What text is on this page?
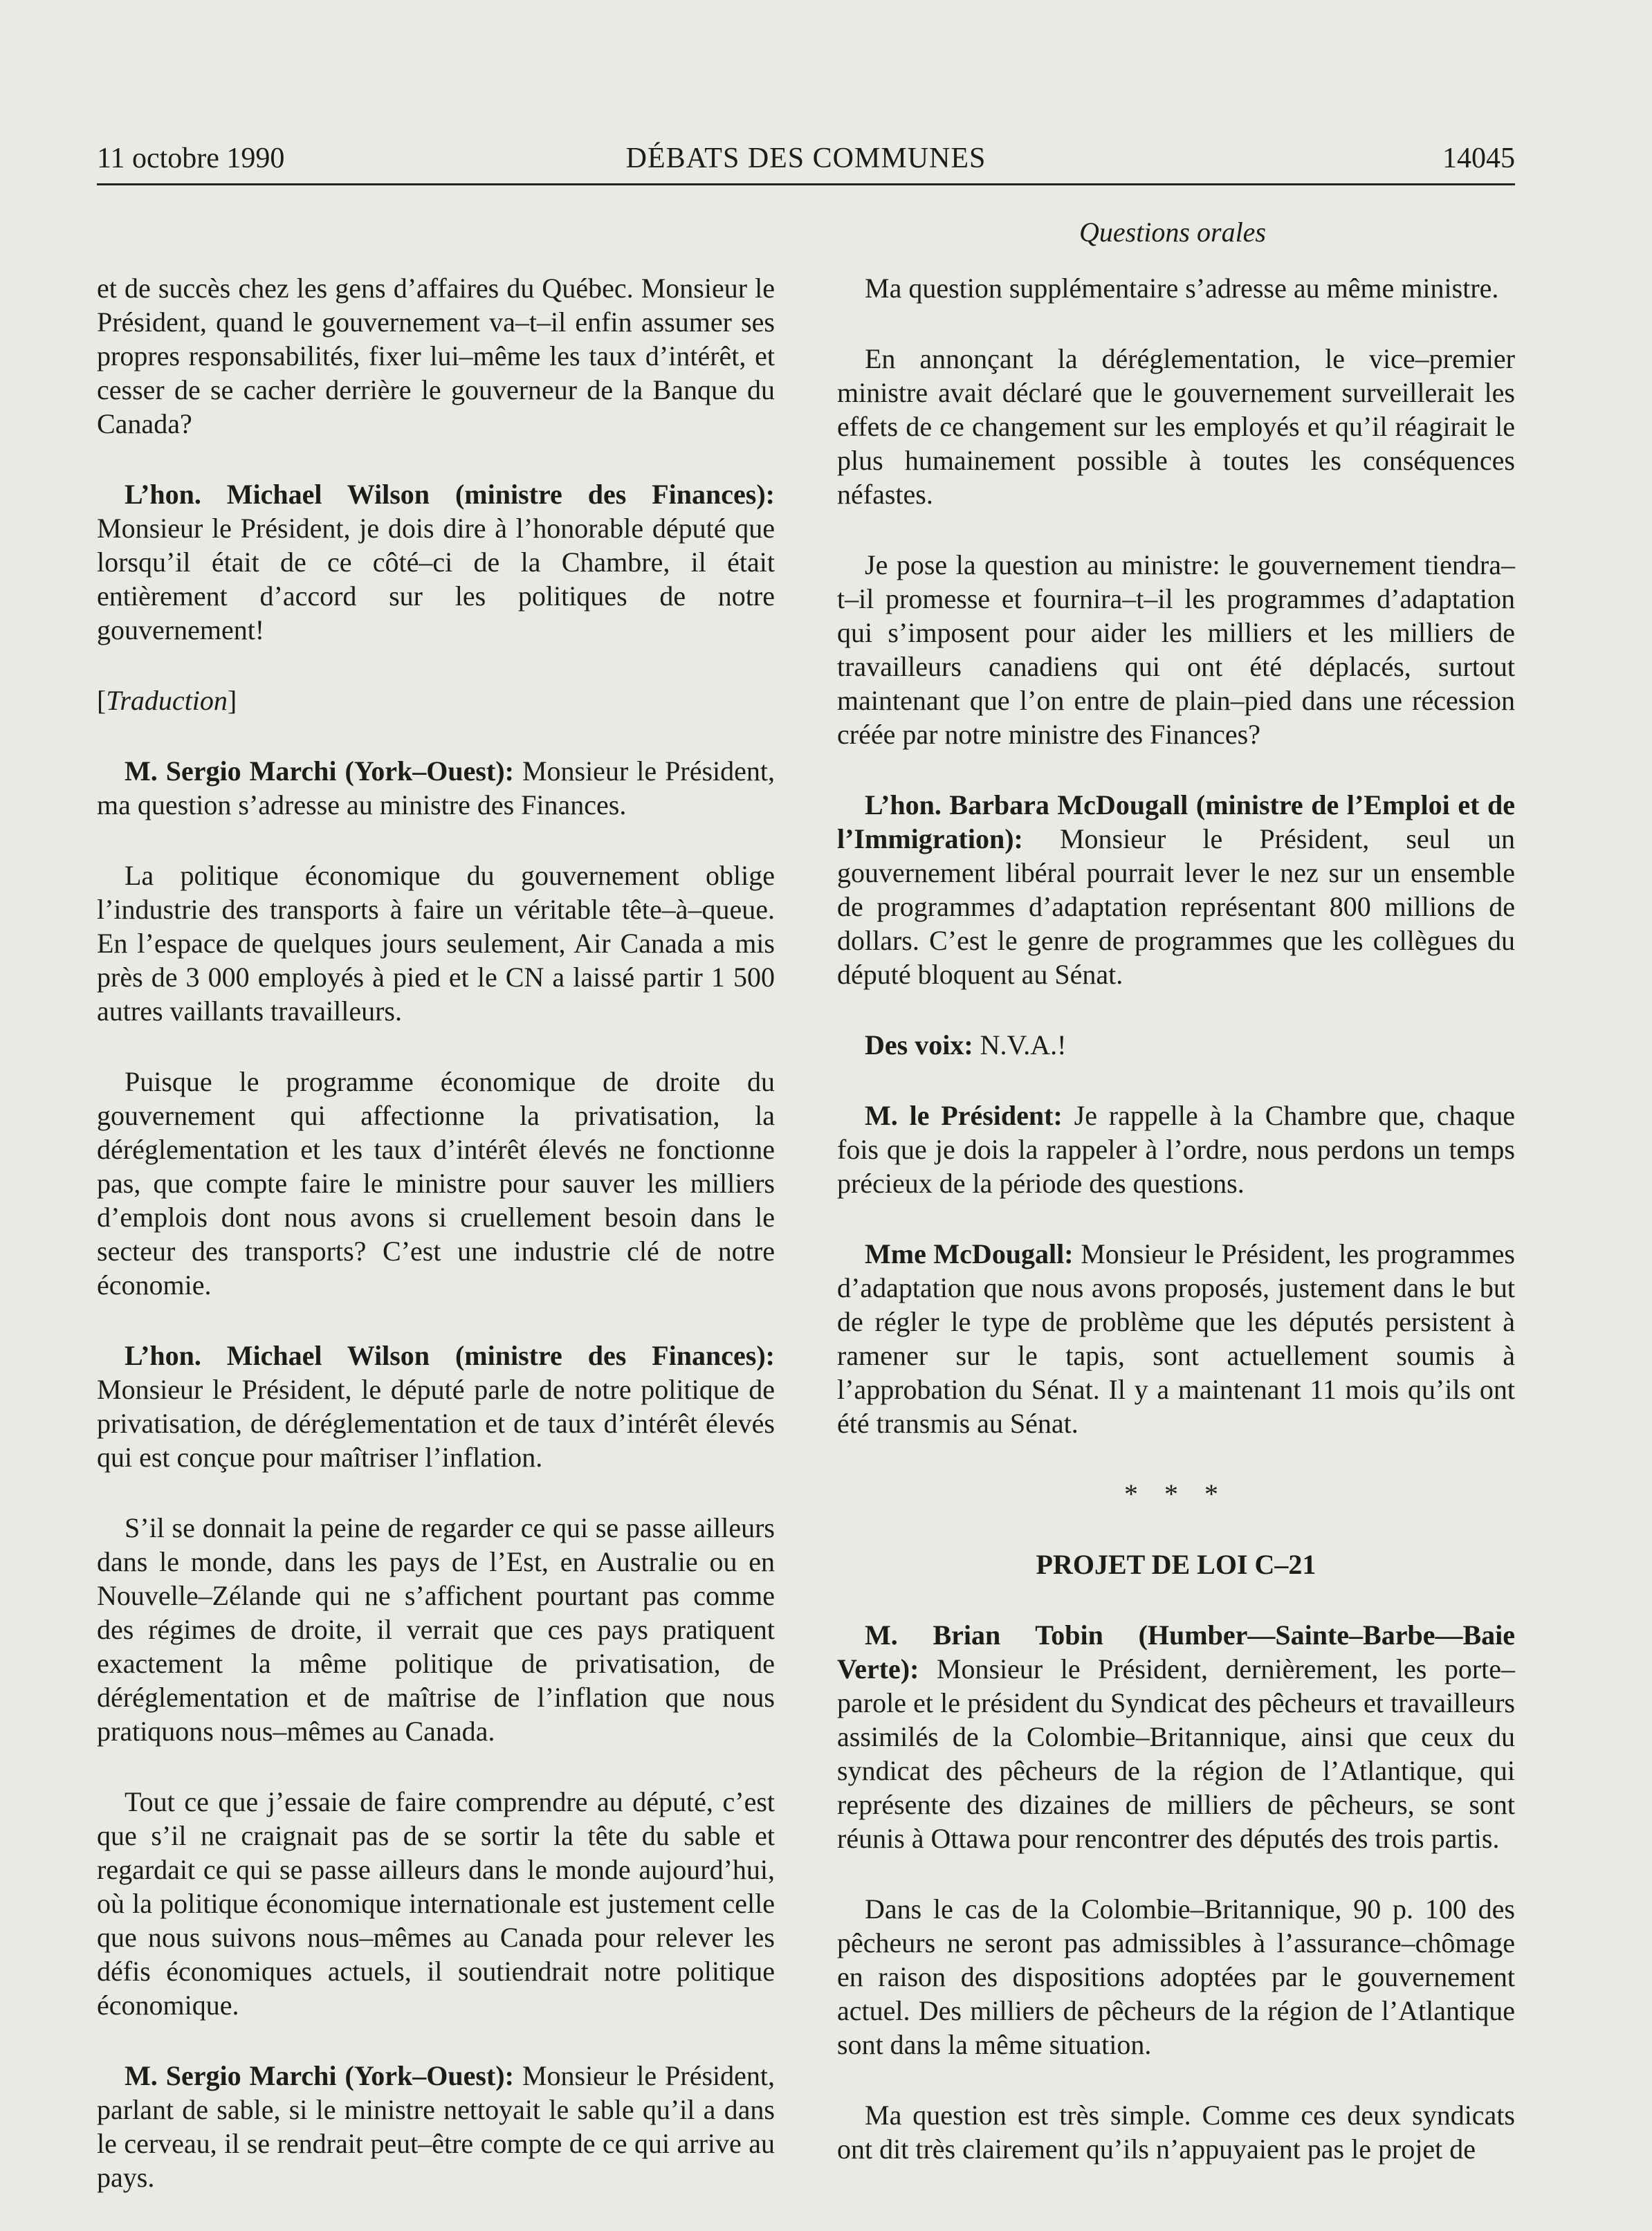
11 octobre 1990	DÉBATS DES COMMUNES	14045
Questions orales

et de succès chez les gens d’affaires du Québec. Monsieur le Président, quand le gouvernement va–t–il enfin assumer ses propres responsabilités, fixer lui–même les taux d’intérêt, et cesser de se cacher derrière le gouverneur de la Banque du Canada?

L’hon. Michael Wilson (ministre des Finances): Monsieur le Président, je dois dire à l’honorable député que lorsqu’il était de ce côté–ci de la Chambre, il était entièrement d’accord sur les politiques de notre gouvernement!

[Traduction]

M. Sergio Marchi (York–Ouest): Monsieur le Président, ma question s’adresse au ministre des Finances.

La politique économique du gouvernement oblige l’industrie des transports à faire un véritable tête–à–queue. En l’espace de quelques jours seulement, Air Canada a mis près de 3 000 employés à pied et le CN a laissé partir 1 500 autres vaillants travailleurs.

Puisque le programme économique de droite du gouvernement qui affectionne la privatisation, la déréglementation et les taux d’intérêt élevés ne fonctionne pas, que compte faire le ministre pour sauver les milliers d’emplois dont nous avons si cruellement besoin dans le secteur des transports? C’est une industrie clé de notre économie.

L’hon. Michael Wilson (ministre des Finances): Monsieur le Président, le député parle de notre politique de privatisation, de déréglementation et de taux d’intérêt élevés qui est conçue pour maîtriser l’inflation.

S’il se donnait la peine de regarder ce qui se passe ailleurs dans le monde, dans les pays de l’Est, en Australie ou en Nouvelle–Zélande qui ne s’affichent pourtant pas comme des régimes de droite, il verrait que ces pays pratiquent exactement la même politique de privatisation, de déréglementation et de maîtrise de l’inflation que nous pratiquons nous–mêmes au Canada.

Tout ce que j’essaie de faire comprendre au député, c’est que s’il ne craignait pas de se sortir la tête du sable et regardait ce qui se passe ailleurs dans le monde aujourd’hui, où la politique économique internationale est justement celle que nous suivons nous–mêmes au Canada pour relever les défis économiques actuels, il soutiendrait notre politique économique.

M. Sergio Marchi (York–Ouest): Monsieur le Président, parlant de sable, si le ministre nettoyait le sable qu’il a dans le cerveau, il se rendrait peut–être compte de ce qui arrive au pays.

Ma question supplémentaire s’adresse au même ministre.

En annonçant la déréglementation, le vice–premier ministre avait déclaré que le gouvernement surveillerait les effets de ce changement sur les employés et qu’il réagirait le plus humainement possible à toutes les conséquences néfastes.

Je pose la question au ministre: le gouvernement tiendra–t–il promesse et fournira–t–il les programmes d’adaptation qui s’imposent pour aider les milliers et les milliers de travailleurs canadiens qui ont été déplacés, surtout maintenant que l’on entre de plain–pied dans une récession créée par notre ministre des Finances?

L’hon. Barbara McDougall (ministre de l’Emploi et de l’Immigration): Monsieur le Président, seul un gouvernement libéral pourrait lever le nez sur un ensemble de programmes d’adaptation représentant 800 millions de dollars. C’est le genre de programmes que les collègues du député bloquent au Sénat.

Des voix: N.V.A.!

M. le Président: Je rappelle à la Chambre que, chaque fois que je dois la rappeler à l’ordre, nous perdons un temps précieux de la période des questions.

Mme McDougall: Monsieur le Président, les programmes d’adaptation que nous avons proposés, justement dans le but de régler le type de problème que les députés persistent à ramener sur le tapis, sont actuellement soumis à l’approbation du Sénat. Il y a maintenant 11 mois qu’ils ont été transmis au Sénat.

* * *

PROJET DE LOI C–21

M. Brian Tobin (Humber—Sainte–Barbe—Baie Verte): Monsieur le Président, dernièrement, les porte–parole et le président du Syndicat des pêcheurs et travailleurs assimilés de la Colombie–Britannique, ainsi que ceux du syndicat des pêcheurs de la région de l’Atlantique, qui représente des dizaines de milliers de pêcheurs, se sont réunis à Ottawa pour rencontrer des députés des trois partis.

Dans le cas de la Colombie–Britannique, 90 p. 100 des pêcheurs ne seront pas admissibles à l’assurance–chômage en raison des dispositions adoptées par le gouvernement actuel. Des milliers de pêcheurs de la région de l’Atlantique sont dans la même situation.

Ma question est très simple. Comme ces deux syndicats ont dit très clairement qu’ils n’appuyaient pas le projet de
